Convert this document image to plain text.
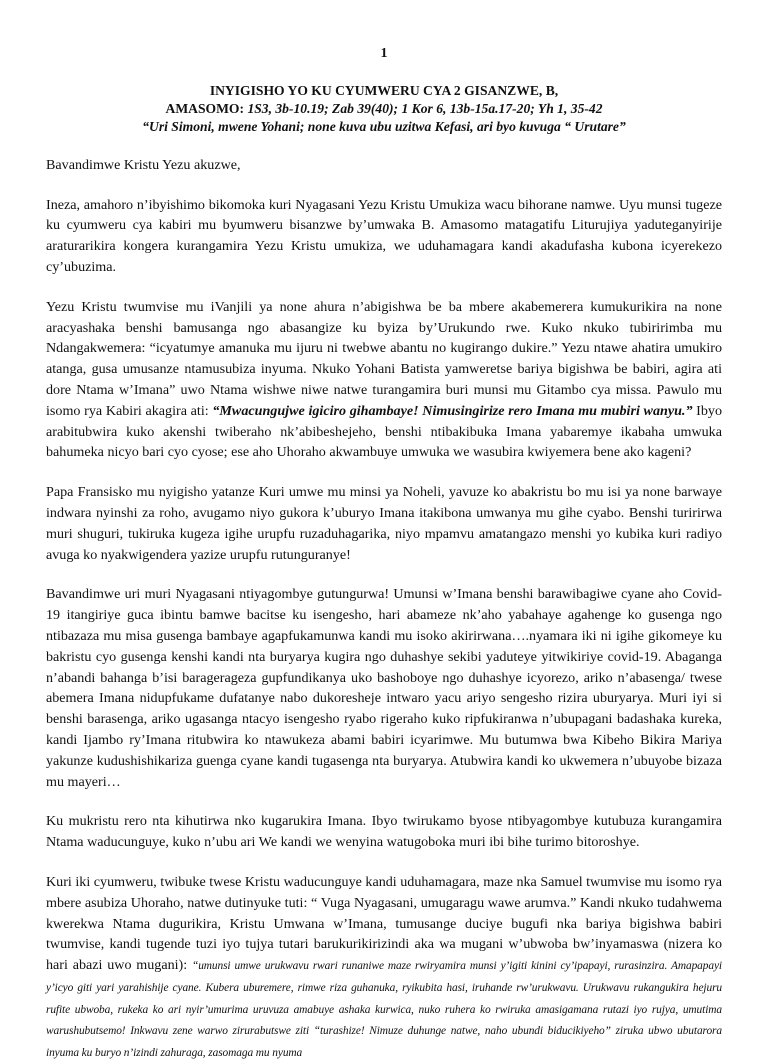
1
INYIGISHO YO KU CYUMWERU CYA 2 GISANZWE, B,
AMASOMO: 1S3, 3b-10.19; Zab 39(40); 1 Kor 6, 13b-15a.17-20; Yh 1, 35-42
“Uri Simoni, mwene Yohani; none kuva ubu uzitwa Kefasi, ari byo kuvuga “ Urutare”

Bavandimwe Kristu Yezu akuzwe,

Ineza, amahoro n’ibyishimo bikomoka kuri Nyagasani Yezu Kristu Umukiza wacu bihorane namwe. Uyu munsi tugeze ku cyumweru cya kabiri mu byumweru bisanzwe by’umwaka B. Amasomo matagatifu Liturujiya yaduteganyirije araturarikira kongera kurangamira Yezu Kristu umukiza, we uduhamagara kandi akadufasha kubona icyerekezo cy’ubuzima.

Yezu Kristu twumvise mu iVanjili ya none ahura n’abigishwa be ba mbere akabemerera kumukurikira na none aracyashaka benshi bamusanga ngo abasangize ku byiza by’Urukundo rwe. Kuko nkuko tubiririmba mu Ndangakwemera: “icyatumye amanuka mu ijuru ni twebwe abantu no kugirango dukire.” Yezu ntawe ahatira umukiro atanga, gusa umusanze ntamusubiza inyuma. Nkuko Yohani Batista yamweretse bariya bigishwa be babiri, agira ati dore Ntama w’Imana” uwo Ntama wishwe niwe natwe turangamira buri munsi mu Gitambo cya missa. Pawulo mu isomo rya Kabiri akagira ati: “Mwacungujwe igiciro gihambaye! Nimusingirize rero Imana mu mubiri wanyu.” Ibyo arabitubwira kuko akenshi twiberaho nk’abibeshejeho, benshi ntibakibuka Imana yabaremye ikabaha umwuka bahumeka nicyo bari cyo cyose; ese aho Uhoraho akwambuye umwuka we wasubira kwiyemera bene ako kageni?

Papa Fransisko mu nyigisho yatanze Kuri umwe mu minsi ya Noheli, yavuze ko abakristu bo mu isi ya none barwaye indwara nyinshi za roho, avugamo niyo gukora k’uburyo Imana itakibona umwanya mu gihe cyabo. Benshi turirirwa muri shuguri, tukiruka kugeza igihe urupfu ruzaduhagarika, niyo mpamvu amatangazo menshi yo kubika kuri radiyo avuga ko nyakwigendera yazize urupfu rutunguranye!

Bavandimwe uri muri Nyagasani ntiyagombye gutungurwa! Umunsi w’Imana benshi barawibagiwe cyane aho Covid-19 itangiriye guca ibintu bamwe bacitse ku isengesho, hari abameze nk’aho yabahaye agahenge ko gusenga ngo ntibazaza mu misa gusenga bambaye agapfukamunwa kandi mu isoko akirirwana….nyamara iki ni igihe gikomeye ku bakristu cyo gusenga kenshi kandi nta buryarya kugira ngo duhashye sekibi yaduteye yitwikiriye covid-19. Abaganga n’abandi bahanga b’isi baragerageza gupfundikanya uko bashoboye ngo duhashye icyorezo, ariko n’abasenga/ twese abemera Imana nidupfukame dufatanye nabo dukoresheje intwaro yacu ariyo sengesho rizira uburyarya. Muri iyi si benshi barasenga, ariko ugasanga ntacyo isengesho ryabo rigeraho kuko ripfukiranwa n’ubupagani badashaka kureka, kandi Ijambo ry’Imana ritubwira ko ntawukeza abami babiri icyarimwe. Mu butumwa bwa Kibeho Bikira Mariya yakunze kudushishikariza guenga cyane kandi tugasenga nta buryarya. Atubwira kandi ko ukwemera n’ubuyobe bizaza mu mayeri…

Ku mukristu rero nta kihutirwa nko kugarukira Imana. Ibyo twirukamo byose ntibyagombye kutubuza kurangamira Ntama waducunguye, kuko n’ubu ari We kandi we wenyina watugoboka muri ibi bihe turimo bitoroshye.

Kuri iki cyumweru, twibuke twese Kristu waducunguye kandi uduhamagara, maze nka Samuel twumvise mu isomo rya mbere asubiza Uhoraho, natwe dutinyuke tuti: “ Vuga Nyagasani, umugaragu wawe arumva.” Kandi nkuko tudahwema kwerekwa Ntama dugurikira, Kristu Umwana w’Imana, tumusange duciye bugufi nka bariya bigishwa babiri twumvise, kandi tugende tuzi iyo tujya tutari barukurikirizindi aka wa mugani w’ubwoba bw’inyamaswa (nizera ko hari abazi uwo mugani): “umunsi umwe urukwavu rwari runaniwe maze rwiryamira munsi y’igiti kinini cy’ipapayi, rurasinzira. Amapapayi y’icyo giti yari yarahishije cyane. Kubera uburemere, rimwe riza guhanuka, ryikubita hasi, iruhande rw’urukwavu. Urukwavu rukangukira hejuru rufite ubwoba, rukeka ko ari nyir’umurima uruvuza amabuye ashaka kurwica, nuko ruhera ko rwiruka amasigamana rutazi iyo rujya, umutima warushubutsemo! Inkwavu zene warwo zirurabutswe ziti “turashize! Nimuze duhunge natwe, naho ubundi biducikiyeho” ziruka ubwo ubutarora inyuma ku buryo n’izindi zahuraga, zasomaga mu nyuma
